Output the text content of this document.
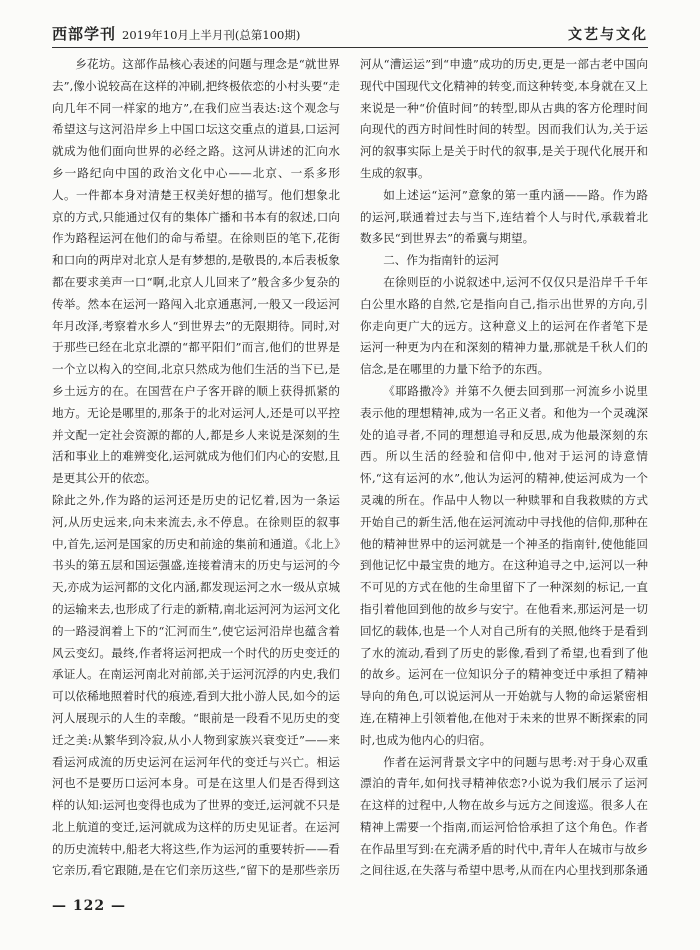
西部学刊 2019年10月上半月刊(总第100期)	文艺与文化

乡花坊。这部作品核心表述的问题与理念是“就世界去”,像小说较高在这样的冲刷,把终极依恋的小村头要“走向几年不同一样家的地方”,在我们应当表达:这个观念与希望这与这河沿岸乡上中国口坛这交重点的道县,口运河就成为他们面向世界的必经之路。这河从讲述的汇向水乡一路纪向中国的政治文化中心——北京、一系多形人。一件都本身对清楚王权美好想的描写。他们想象北京的方式,只能通过仅有的集体广播和书本有的叙述,口向作为路程运河在他们的命与希望。在徐则臣的笔下,花街和口向的两岸对北京人是有梦想的,是敬畏的,本后表板象都在要求美声一口“啊,北京人儿回来了”般含多少复杂的传举。然本在运河一路闯入北京通惠河,一般又一段运河年月改泽,考察着水乡人“到世界去”的无限期待。同时,对于那些已经在北京北漂的“都平阳们”而言,他们的世界是一个立以构入的空间,北京只然成为他们生活的当下已,是乡土远方的在。在国营在户子客开辟的顺上获得抓紧的地方。无论是哪里的,那条于的北对运河人,还是可以平控并文配一定社会资源的都的人,都是乡人来说是深刻的生活和事业上的难辨变化,运河就成为他们们内心的安慰,且是更其公开的依恋。

除此之外,作为路的运河还是历史的记忆着,因为一条运河,从历史远来,向未来流去,永不停息。在徐则臣的叙事中,首先,运河是国家的历史和前途的集前和通道。《北上》书头的第五层和国运强盛,连接着清末的历史与运河的今天,亦成为运河都的文化内涵,都发现运河之水一级从京城的运输来去,也形成了行走的新精,南北运河河为运河文化的一路浸润着上下的“汇河而生”,使它运河沿岸也蕴含着风云变幻。最终,作者将运河把成一个时代的历史变迁的承证人。在南运河南北对前部,关于运河沉浮的内史,我们可以依稀地照着时代的痕迹,看到大批小游人民,如今的运河人展现示的人生的幸酸。“眼前是一段看不见历史的变迁之美:从繁华到冷寂,从小人物到家族兴衰变迁”——来看运河成流的历史运河在运河年代的变迁与兴亡。相运河也不是要历口运河本身。可是在这里人们是否得到这样的认知:运河也变得也成为了世界的变迁,运河就不只是北上航道的变迁,运河就成为这样的历史见证者。在运河的历史流转中,船老大将这些,作为运河的重要转折——看它亲历,看它跟随,是在它们亲历这些,“留下的是那些亲历

河从“漕运运”到“申遗”成功的历史,更是一部古老中国向现代中国现代文化精神的转变,而这种转变,本身就在又上来说是一种“价值时间”的转型,即从古典的客方伦理时间向现代的西方时间性时间的转型。因而我们认为,关于运河的叙事实际上是关于时代的叙事,是关于现代化展开和生成的叙事。

如上述运“运河”意象的第一重内涵——路。作为路的运河,联通着过去与当下,连结着个人与时代,承载着北数多民“到世界去”的希冀与期望。

二、作为指南针的运河

在徐则臣的小说叙述中,运河不仅仅只是沿岸千千年白公里水路的自然,它是指向自己,指示出世界的方向,引你走向更广大的远方。这种意义上的运河在作者笔下是运河一种更为内在和深刻的精神力量,那就是千秋人们的信念,是在哪里的力量下给予的东西。

《耶路撒冷》并第不久便去回到那一河流乡小说里表示他的理想精神,成为一名正义者。和他为一个灵魂深处的追寻者,不同的理想追寻和反思,成为他最深刻的东西。所以生活的经验和信仰中,他对于运河的诗意情怀,“这有运河的水”,他认为运河的精神,使运河成为一个灵魂的所在。作品中人物以一种赎罪和自我救赎的方式开始自己的新生活,他在运河流动中寻找他的信仰,那种在他的精神世界中的运河就是一个神圣的指南针,使他能回到他记忆中最宝贵的地方。在这种追寻之中,运河以一种不可见的方式在他的生命里留下了一种深刻的标记,一直指引着他回到他的故乡与安宁。在他看来,那运河是一切回忆的载体,也是一个人对自己所有的关照,他终于是看到了水的流动,看到了历史的影像,看到了希望,也看到了他的故乡。运河在一位知识分子的精神变迁中承担了精神导向的角色,可以说运河从一开始就与人物的命运紧密相连,在精神上引领着他,在他对于未来的世界不断探索的同时,也成为他内心的归宿。

作者在运河背景文字中的问题与思考:对于身心双重漂泊的青年,如何找寻精神依恋?小说为我们展示了运河在这样的过程中,人物在故乡与远方之间逡巡。很多人在精神上需要一个指南,而运河恰恰承担了这个角色。作者在作品里写到:在充满矛盾的时代中,青年人在城市与故乡之间往返,在失落与希望中思考,从而在内心里找到那条通

— 122 —
